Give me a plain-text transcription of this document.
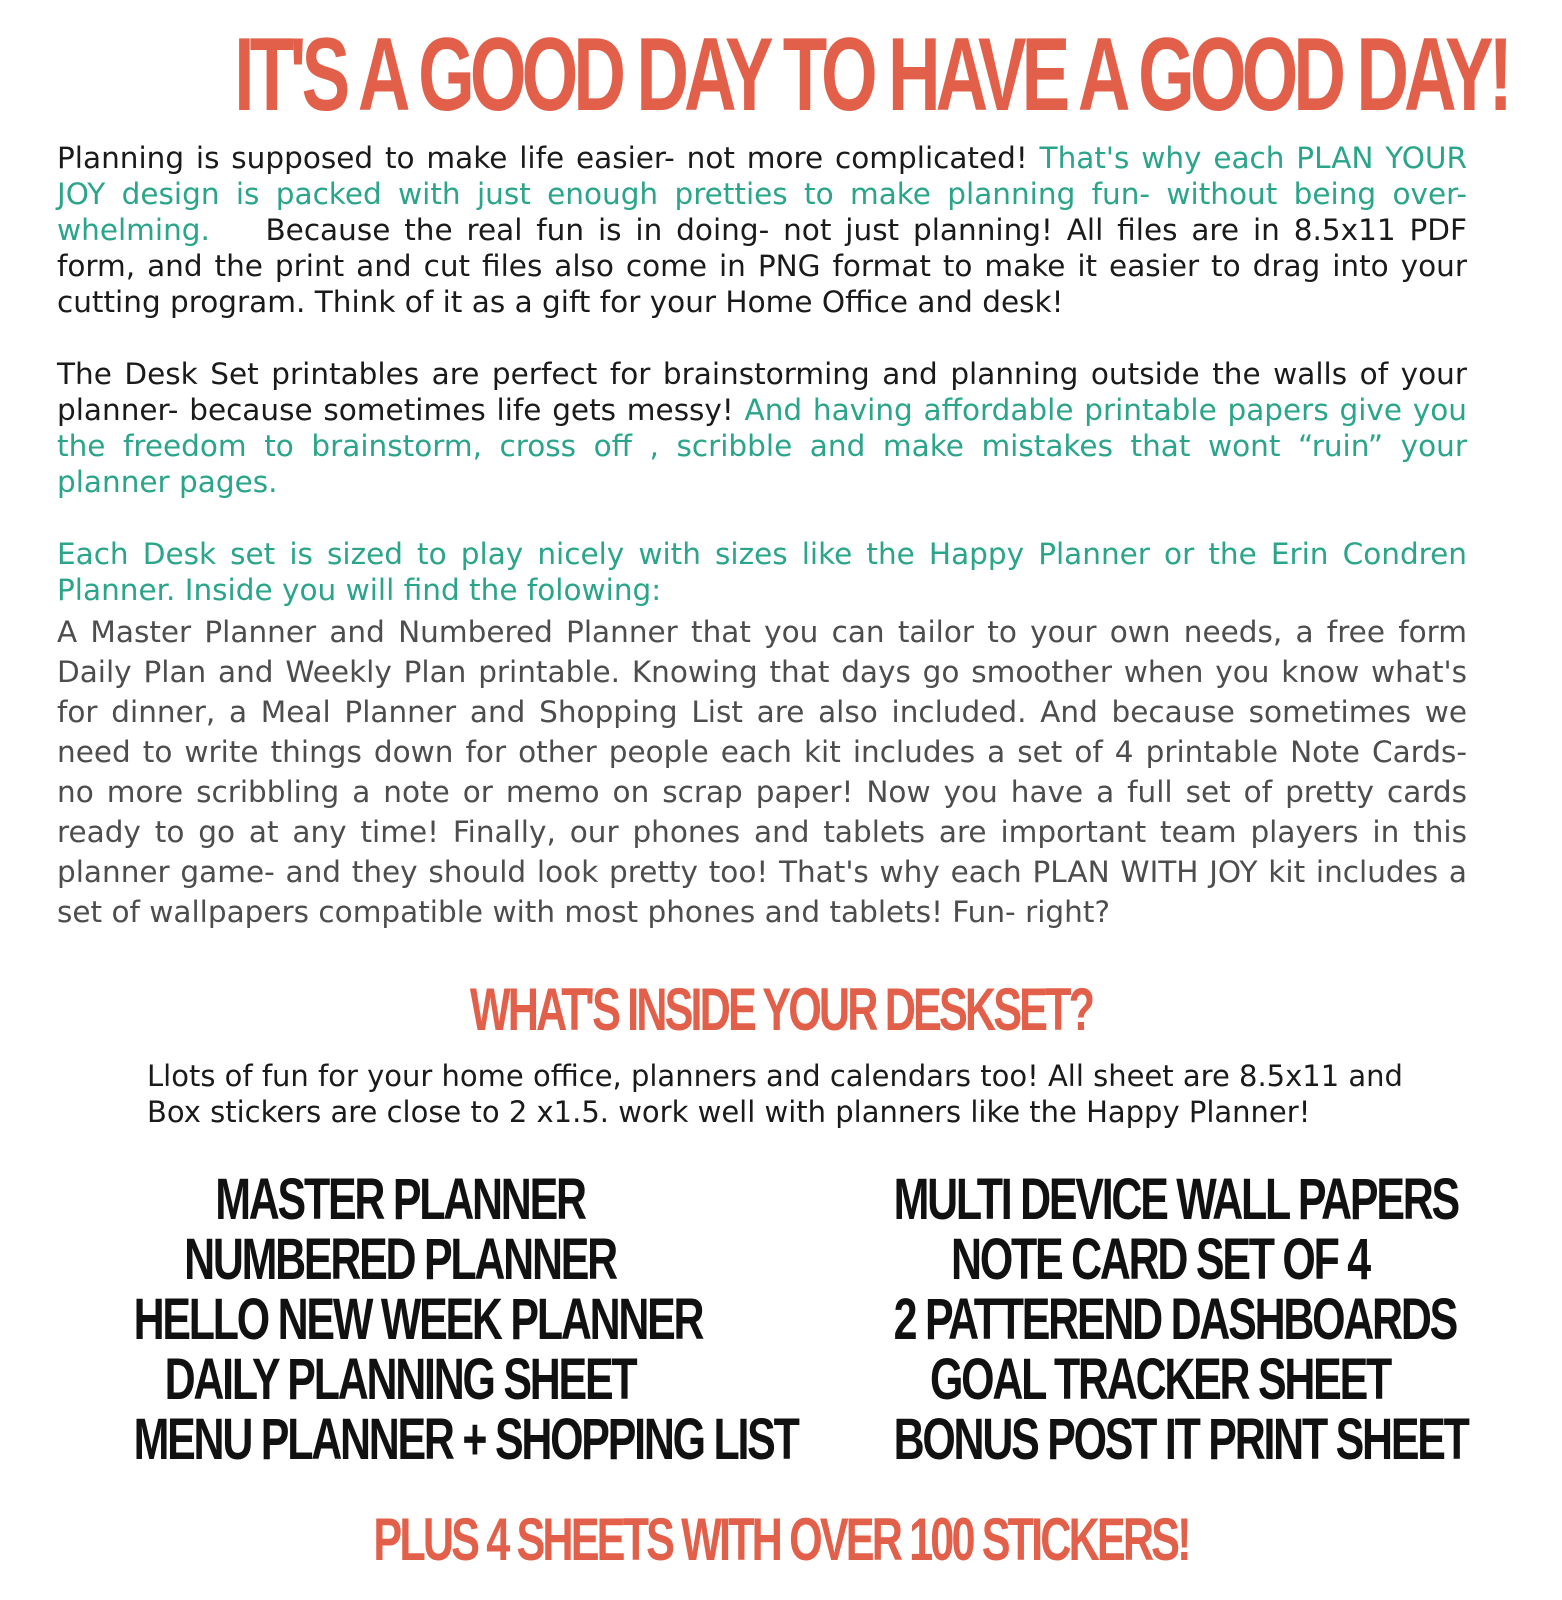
IT'S A GOOD DAY TO HAVE A GOOD DAY!

Planning is supposed to make life easier- not more complicated! That's why each PLAN YOUR JOY design is packed with just enough pretties to make planning fun- without being over-whelming. Because the real fun is in doing- not just planning! All files are in 8.5x11 PDF form, and the print and cut files also come in PNG format to make it easier to drag into your cutting program. Think of it as a gift for your Home Office and desk!

The Desk Set printables are perfect for brainstorming and planning outside the walls of your planner- because sometimes life gets messy! And having affordable printable papers give you the freedom to brainstorm, cross off , scribble and make mistakes that wont “ruin” your planner pages.

Each Desk set is sized to play nicely with sizes like the Happy Planner or the Erin Condren Planner. Inside you will find the folowing:

A Master Planner and Numbered Planner that you can tailor to your own needs, a free form Daily Plan and Weekly Plan printable. Knowing that days go smoother when you know what's for dinner, a Meal Planner and Shopping List are also included. And because sometimes we need to write things down for other people each kit includes a set of 4 printable Note Cards- no more scribbling a note or memo on scrap paper! Now you have a full set of pretty cards ready to go at any time! Finally, our phones and tablets are important team players in this planner game- and they should look pretty too! That's why each PLAN WITH JOY kit includes a set of wallpapers compatible with most phones and tablets! Fun- right?

WHAT'S INSIDE YOUR DESKSET?

Llots of fun for your home office, planners and calendars too! All sheet are 8.5x11 and Box stickers are close to 2 x1.5. work well with planners like the Happy Planner!

MASTER PLANNER
NUMBERED PLANNER
HELLO NEW WEEK PLANNER
DAILY PLANNING SHEET
MENU PLANNER + SHOPPING LIST
MULTI DEVICE WALL PAPERS
NOTE CARD SET OF 4
2 PATTEREND DASHBOARDS
GOAL TRACKER SHEET
BONUS POST IT PRINT SHEET
PLUS 4 SHEETS WITH OVER 100 STICKERS!
